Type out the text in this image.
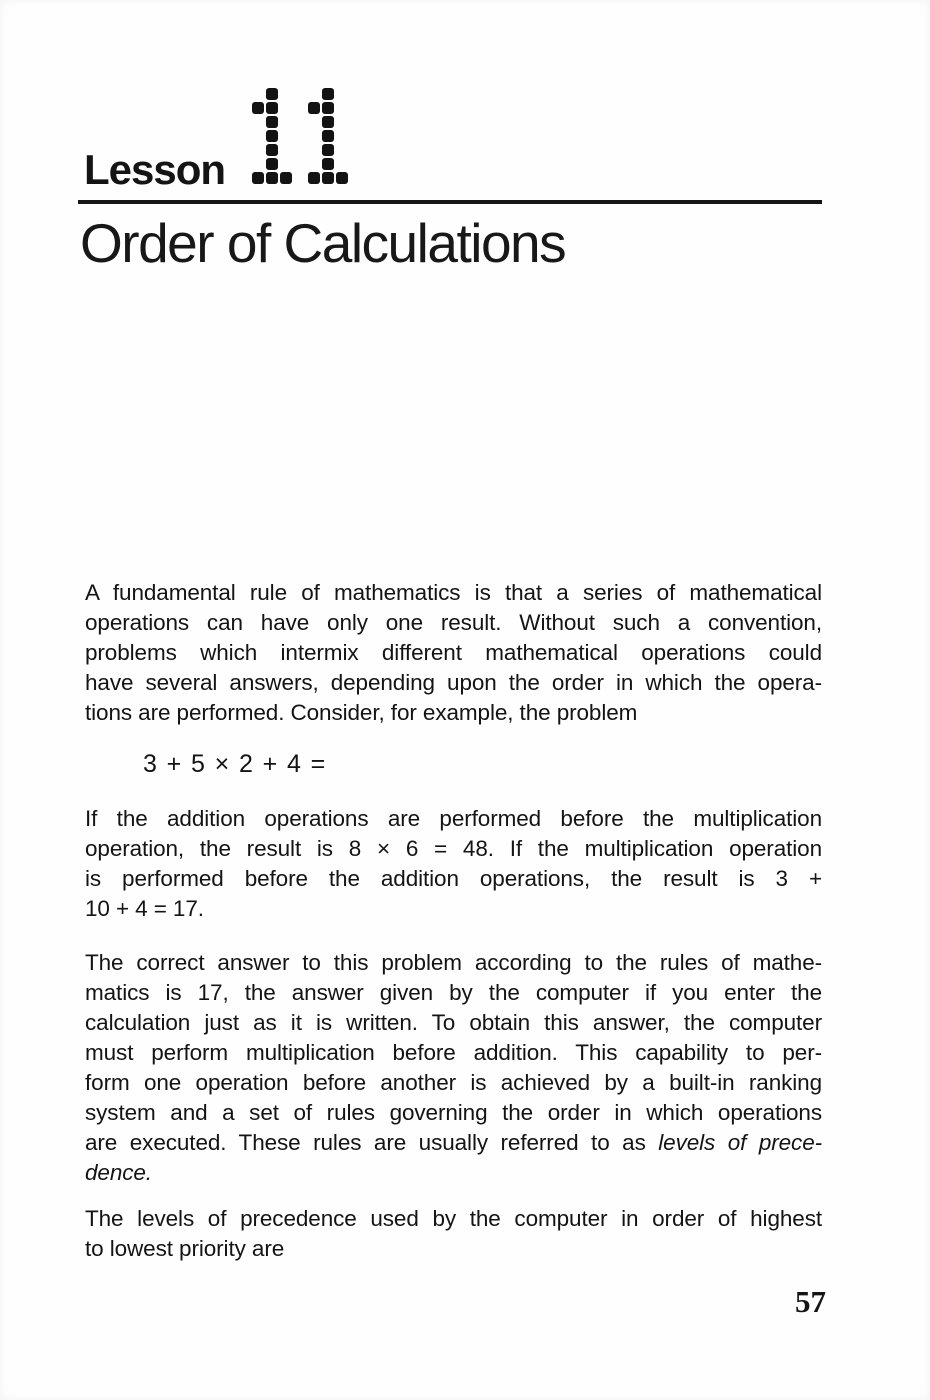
Lesson
Order of Calculations
A fundamental rule of mathematics is that a series of mathematical
operations can have only one result. Without such a convention,
problems which intermix different mathematical operations could
have several answers, depending upon the order in which the opera-
tions are performed. Consider, for example, the problem
3 + 5 × 2 + 4 =
If the addition operations are performed before the multiplication
operation, the result is 8 × 6 = 48. If the multiplication operation
is performed before the addition operations, the result is 3 +
10 + 4 = 17.
The correct answer to this problem according to the rules of mathe-
matics is 17, the answer given by the computer if you enter the
calculation just as it is written. To obtain this answer, the computer
must perform multiplication before addition. This capability to per-
form one operation before another is achieved by a built-in ranking
system and a set of rules governing the order in which operations
are executed. These rules are usually referred to as levels of prece-
dence.
The levels of precedence used by the computer in order of highest
to lowest priority are
57
